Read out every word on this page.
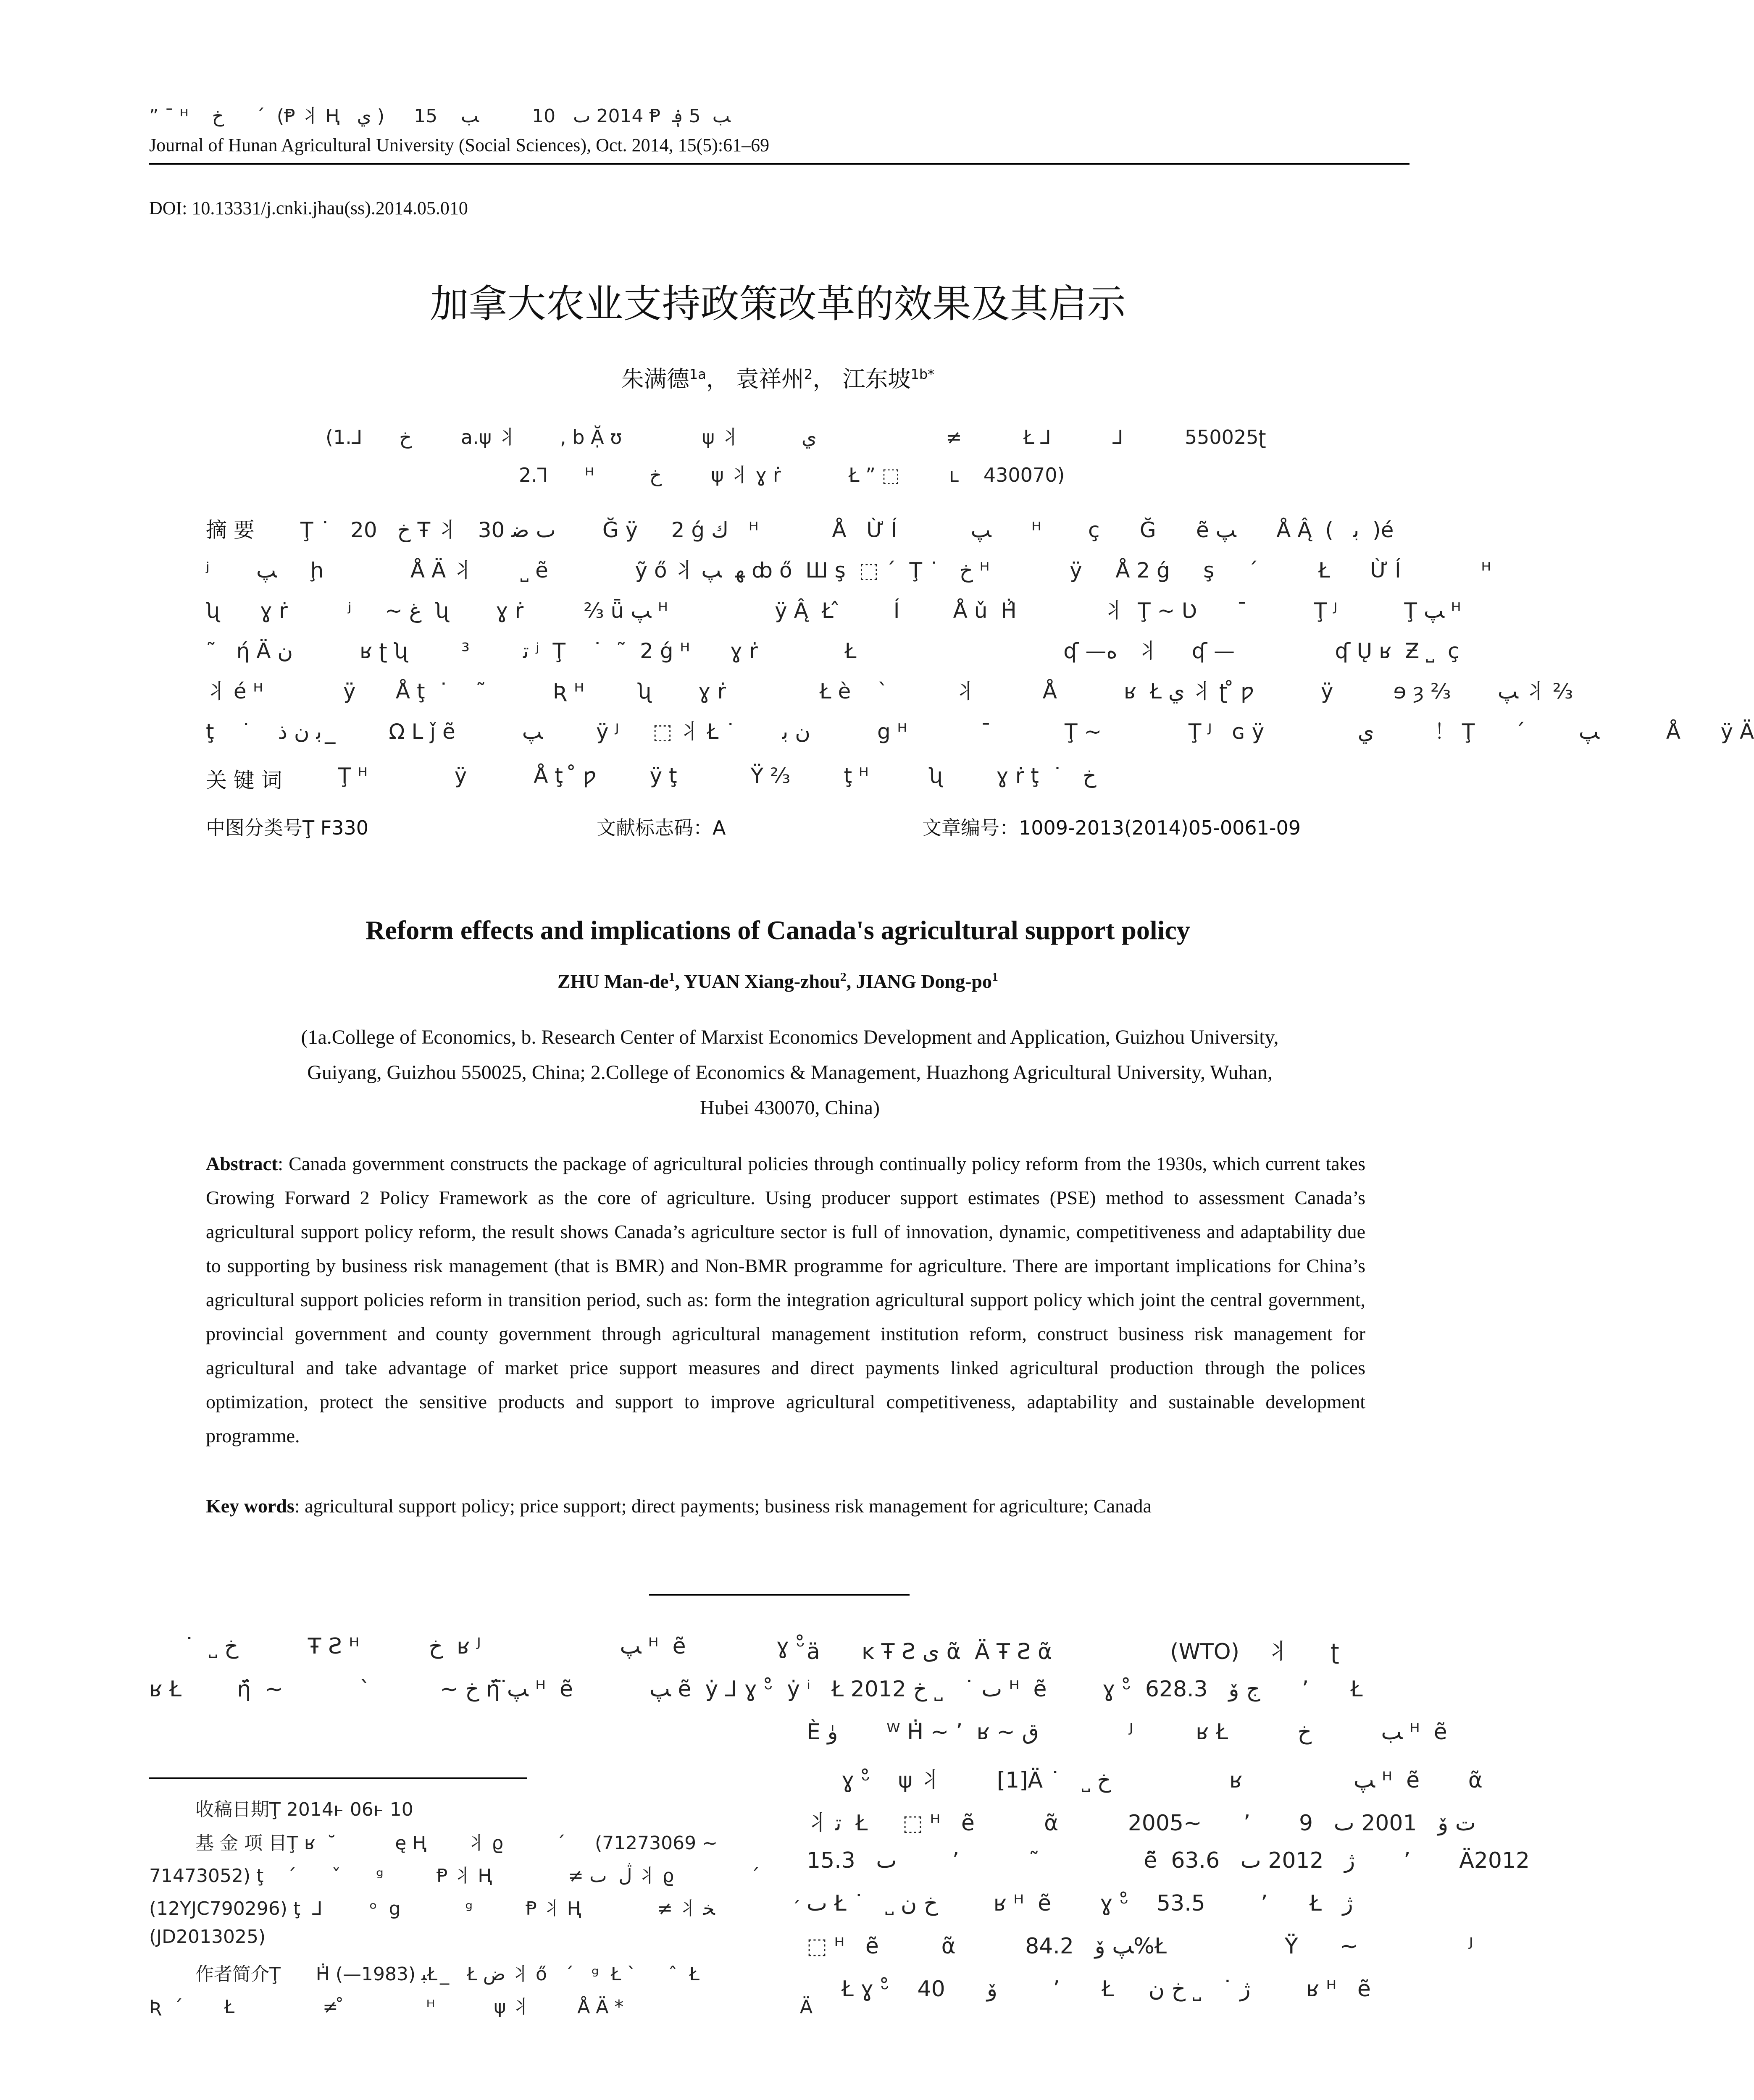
” ¯ ᴴ    ﺥ        ́ (Ᵽ ⺦ Ⱨ   ي )     2014 ٮ   10         ﺐ    15 Ᵽ  ﺐ  5 ؋
Journal of Hunan Agricultural University (Social Sciences), Oct. 2014, 15(5):61–69
DOI: 10.13331/j.cnki.jhau(ss).2014.05.010
加拿大农业支持政策改革的效果及其启示
朱满德$^{1a}$， 袁祥州$^2$， 江东坡$^{1b*}$
(1.⅃      ﺥ        a.ψ ⺦       , b Ặ ʊ             ψ ⺦          ي                     ≠          Ł ⅃          ⅃          550025ʈ
2.⅂      ᴴ         ﺥ        ψ ⺦ ɣ ṙ           Ł ” ⬚        ʟ    430070)
摘 要 Ţ ˙   ﺥ   20 Ŧ ⺦   30 ٮ ﺿ       Ğ ÿ     2 ǵ ﻙ   ᴴ           Å   Ừ Í           ﭗ      ᴴ       ç      Ğ      ẽ ﭗ      Å Ą̂  (   ﺑ  )é
ʲ       ﭗ     ḩ             Å Ä ⺦       ˽ ẽ             ỹ ő ⺦ ﮭ  ﭗ ȸ ő  Ш ş  ⬚ ´  Ţ ˙   ﺥ ᴴ            ÿ     Å 2 ǵ     ş     ´         Ł      Ừ Í            ᴴ
ʯ      ɣ ṙ         ʲ     ~ ﻍ  ʯ       ɣ ṙ         ⅔ ǖ ﭗ ᴴ                ÿ Ą̂  Ł ̂        Í        Å ǔ  Ḣ̂             ⺦  Ţ ~ Ʋ      ¯          Ţ ᴶ          Ţ ﭗ ᴴ
˜   ή Ä ﻥ          ʁ ʈ ʯ        ³        ﺗ ʲ  Ţ    ˙  ˜  2 ǵ ᴴ      ɣ ṙ             Ł                               ʠ —ﻩ   ⺦     ʠ —               ʠ Ų ʁ  Ƶ ˽  ç
⺦ é ᴴ            ÿ      Å ţ  ˙    ˜          Ʀ ᴴ        ʯ       ɣ ṙ              Ł è    `          ⺦          Å          ʁ  Ł ﻱ ⺦ ʈ ̊ ƿ          ÿ         ɘ ȝ ⅔       ﭗ ⺦ ⅔
ţ    ˙    ﺑ ﻥ ﺫ   ̲       Ω L ǰ ẽ          ﭗ        ÿ ᴶ     ⬚ ⺦ Ł ˙       ﻥ ﺑ          g ᴴ           ¯           Ţ ~             Ţ ᴶ   ɢ ÿ              ي         ！ Ţ      ´        ﭗ          Å      ÿ Ä
关 键 词	Ţ ᴴ             ÿ          Å ţ  ̊ ƿ        ÿ ţ           Ÿ ⅔        ţ ᴴ         ʯ        ɣ ṙ ţ  ˙   ﺥ
中图分类号Ţ F330	文献标志码：A	文章编号：1009-2013(2014)05-0061-09
Reform effects and implications of Canada's agricultural support policy
ZHU Man-$de^1$, YUAN Xiang-zhou$^2$, JIANG Dong-$po^1$
(1a.College of Economics, b. Research Center of Marxist Economics Development and Application, Guizhou University,
Guiyang, Guizhou 550025, China; 2.College of Economics & Management, Huazhong Agricultural University, Wuhan,
Hubei 430070, China)
Abstract: Canada government constructs the package of agricultural policies through continually policy reform from the 1930s, which current takes Growing Forward 2 Policy Framework as the core of agriculture. Using producer support estimates (PSE) method to assessment Canada’s agricultural support policy reform, the result shows Canada’s agriculture sector is full of innovation, dynamic, competitiveness and adaptability due to supporting by business risk management (that is BMR) and Non-BMR programme for agriculture. There are important implications for China’s agricultural support policies reform in transition period, such as: form the integration agricultural support policy which joint the central government, provincial government and county government through agricultural management institution reform, construct business risk management for agricultural and take advantage of market price support measures and direct payments linked agricultural production through the polices optimization, protect the sensitive products and support to improve agricultural competitiveness, adaptability and sustainable development programme.
Key words: agricultural support policy; price support; direct payments; business risk management for agriculture; Canada
˙  ˽ ﺥ          Ŧ Ƨ ᴴ          ﺥ  ʁ ᴶ                    ﭗ ᴴ  ẽ             ɣ ᵕ̊
ʁ Ł        ή̈  ~           `          ~ ﺥ ή̈ ﭗ̈ ᴴ  ẽ           ﭗ ẽ  ẏ ⅃ ɣ ᵕ̊  ẏ
收稿日期Ţ 2014ⱶ 06ⱶ 10
基 金 项 目Ţ ʁ  ˘          ę Ⱨ       ⺦ ϱ         ´     (71273069 ~
71473052) ţ    ´      ˇ      ᵍ         Ᵽ ⺦ Ⱨ             ≠ ڷ  ٮ ⺦ ϱ             ´
(12YJC790296) ţ  ⅃        ᵒ  g           ᵍ         Ᵽ ⺦ Ⱨ             ≠ ⺦ ﺨ             ´
(JD2013025)
作者简介Ţ      Ḣ̈ ﺒ (1983—)Ł  ̲   Ł ﺽ ⺦ ő   ´   ᵍ  Ł `       ̂  Ł
Ʀ  ´       Ł               ≠ ̊              ᴴ          ψ ⺦        Å Ä *                              Ä
ä      ĸ Ŧ Ƨ ﯼ ᾶ  Ä Ŧ Ƨ ᾶ                 (WTO)    ⺦      ʈ
ⁱ   Ł 2012 ٮ ˙   ˽ ﺥ ᴴ  ẽ        ɣ ᵕ̊  ﺝ ﯙ   628.3      ’      Ł
È ﯛ       ᵂ Ḣ̈ ~ ’  ʁ ~ ﻕ             ᴶ         ʁ Ł          ﺐ          ﺥ ᴴ  ẽ
ɣ ᵕ̊    ψ ⺦        [1]Ä ˙   ˽ ﺥ                 ʁ                ﭗ ᴴ  ẽ       ᾶ
⺦ ﺗ  Ł     ⬚ ᴴ   ẽ          ᾶ          ﺕ ﯙ   2001 ٮ   9       ’      ~2005
ٮ   15.3        ’          ˜               ẽ̃  ژ   2012 ٮ   63.6       ’       Ä2012
ٮ Ł ˙   ˽ ﺥ ﻥ        ʁ ᴴ  ẽ       ɣ ᵕ̊    53.5        ’      Ł   ژ
⬚ ᴴ   ẽ         ᾶ          ﭗ ﯙ   84.2%Ł                 Ÿ      ~                ᴶ
Ł ɣ ᵕ̊    ﯙ      40        ’      Ł     ژ ˙   ˽ ﺥ ﻥ        ʁ ᴴ   ẽ
